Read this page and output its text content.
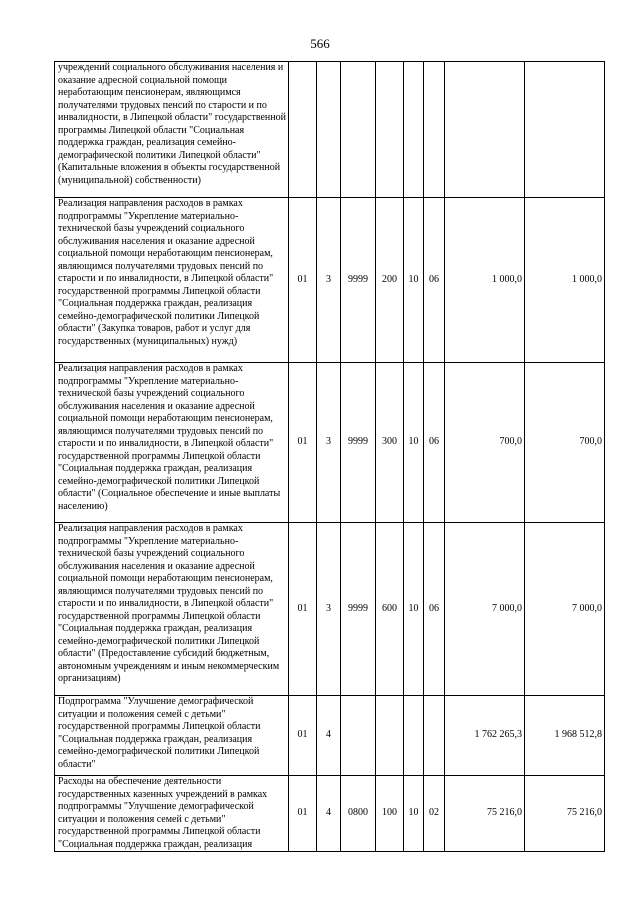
566
учреждений социального обслуживания населения и оказание адресной социальной помощи неработающим пенсионерам, являющимся получателями трудовых пенсий по старости и по инвалидности, в Липецкой области" государственной программы Липецкой области "Социальная поддержка граждан, реализация семейно-демографической политики Липецкой области" (Капитальные вложения в объекты государственной (муниципальной) собственности)								
Реализация направления расходов в рамках подпрограммы "Укрепление материально-технической базы учреждений социального обслуживания населения и оказание адресной социальной помощи неработающим пенсионерам, являющимся получателями трудовых пенсий по старости и по инвалидности, в Липецкой области" государственной программы Липецкой области "Социальная поддержка граждан, реализация семейно-демографической политики Липецкой области" (Закупка товаров, работ и услуг для государственных (муниципальных) нужд)	01	3	9999	200	10	06	1 000,0	1 000,0
Реализация направления расходов в рамках подпрограммы "Укрепление материально-технической базы учреждений социального обслуживания населения и оказание адресной социальной помощи неработающим пенсионерам, являющимся получателями трудовых пенсий по старости и по инвалидности, в Липецкой области" государственной программы Липецкой области "Социальная поддержка граждан, реализация семейно-демографической политики Липецкой области" (Социальное обеспечение и иные выплаты населению)	01	3	9999	300	10	06	700,0	700,0
Реализация направления расходов в рамках подпрограммы "Укрепление материально-технической базы учреждений социального обслуживания населения и оказание адресной социальной помощи неработающим пенсионерам, являющимся получателями трудовых пенсий по старости и по инвалидности, в Липецкой области" государственной программы Липецкой области "Социальная поддержка граждан, реализация семейно-демографической политики Липецкой области" (Предоставление субсидий бюджетным, автономным учреждениям и иным некоммерческим организациям)	01	3	9999	600	10	06	7 000,0	7 000,0
Подпрограмма "Улучшение демографической ситуации и положения семей с детьми" государственной программы Липецкой области "Социальная поддержка граждан, реализация семейно-демографической политики Липецкой области"	01	4					1 762 265,3	1 968 512,8
Расходы на обеспечение деятельности государственных казенных учреждений в рамках подпрограммы "Улучшение демографической ситуации и положения семей с детьми" государственной программы Липецкой области "Социальная поддержка граждан, реализация	01	4	0800	100	10	02	75 216,0	75 216,0
